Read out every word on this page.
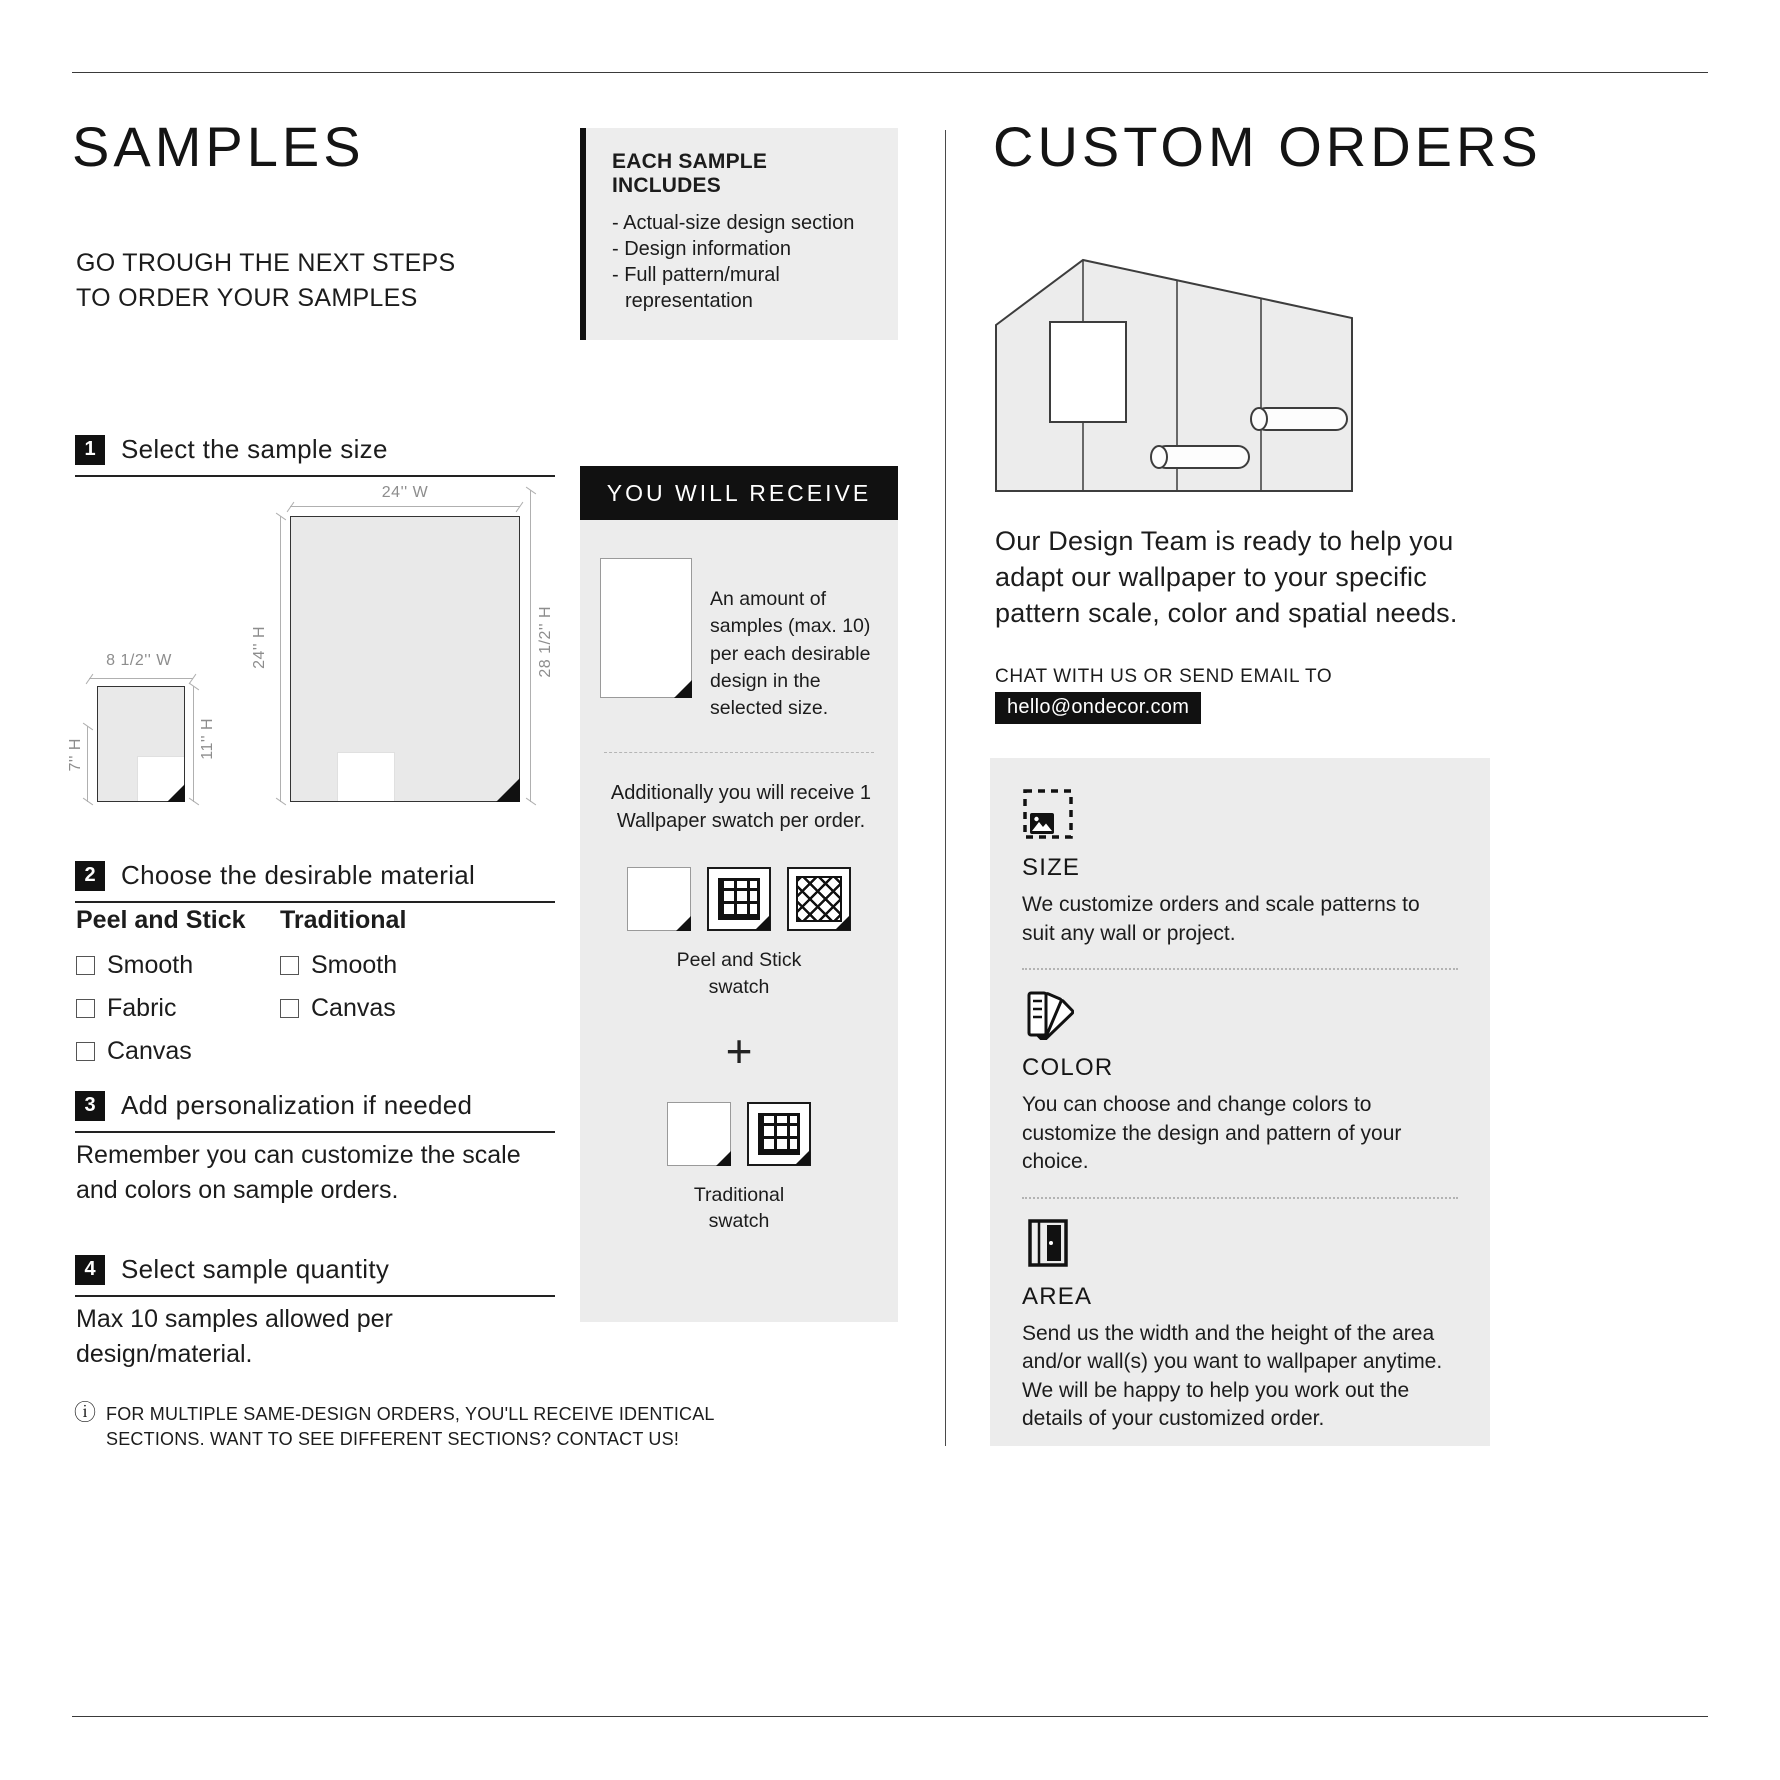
SAMPLES
GO TROUGH THE NEXT STEPS
TO ORDER YOUR SAMPLES
1 Select the sample size
24'' W
24'' H	28 1/2'' H
8 1/2'' W
7'' H	11'' H
2 Choose the desirable material
Peel and Stick
Smooth
Fabric
Canvas
Traditional
Smooth
Canvas
3 Add personalization if needed
Remember you can customize the scale and colors on sample orders.
4 Select sample quantity
Max 10 samples allowed per design/material.
ⓘ FOR MULTIPLE SAME-DESIGN ORDERS, YOU'LL RECEIVE IDENTICAL
SECTIONS. WANT TO SEE DIFFERENT SECTIONS? CONTACT US!
EACH SAMPLE INCLUDES
- Actual-size design section
- Design information
- Full pattern/mural representation
YOU WILL RECEIVE
An amount of samples (max. 10) per each desirable design in the selected size.
Additionally you will receive 1 Wallpaper swatch per order.
Peel and Stick
swatch
+
Traditional
swatch
CUSTOM ORDERS
Our Design Team is ready to help you adapt our wallpaper to your specific pattern scale, color and spatial needs.
CHAT WITH US OR SEND EMAIL TO
hello@ondecor.com
SIZE
We customize orders and scale patterns to suit any wall or project.
COLOR
You can choose and change colors to customize the design and pattern of your choice.
AREA
Send us the width and the height of the area and/or wall(s) you want to wallpaper anytime. We will be happy to help you work out the details of your customized order.
